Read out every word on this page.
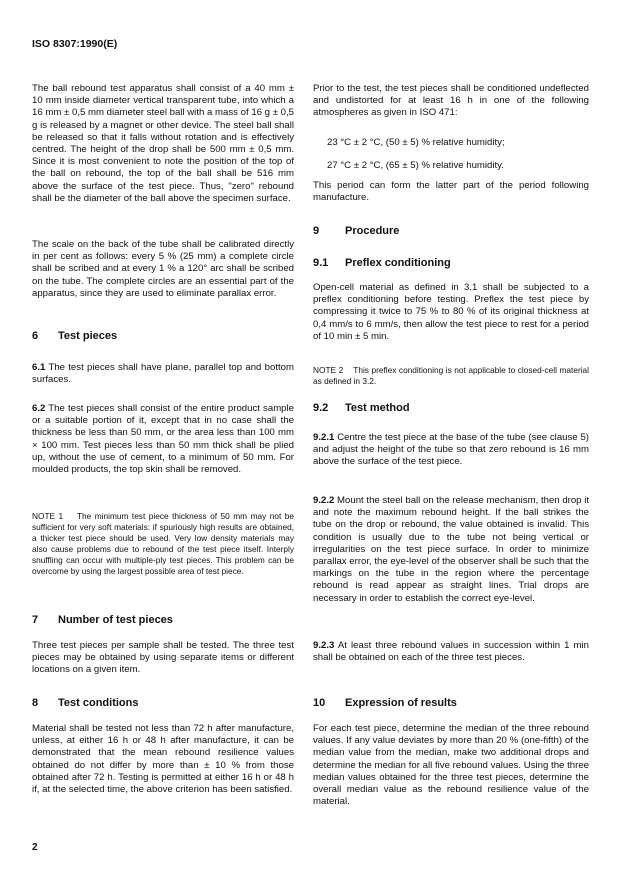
ISO 8307:1990(E)
The ball rebound test apparatus shall consist of a 40 mm ± 10 mm inside diameter vertical transparent tube, into which a 16 mm ± 0,5 mm diameter steel ball with a mass of 16 g ± 0,5 g is released by a magnet or other device. The steel ball shall be released so that it falls without rotation and is effectively centred. The height of the drop shall be 500 mm ± 0,5 mm. Since it is most convenient to note the position of the top of the ball on rebound, the top of the ball shall be 516 mm above the surface of the test piece. Thus, "zero" rebound shall be the diameter of the ball above the specimen surface.
The scale on the back of the tube shall be calibrated directly in per cent as follows: every 5 % (25 mm) a complete circle shall be scribed and at every 1 % a 120° arc shall be scribed on the tube. The complete circles are an essential part of the apparatus, since they are used to eliminate parallax error.
6 Test pieces
6.1 The test pieces shall have plane, parallel top and bottom surfaces.
6.2 The test pieces shall consist of the entire product sample or a suitable portion of it, except that in no case shall the thickness be less than 50 mm, or the area less than 100 mm × 100 mm. Test pieces less than 50 mm thick shall be plied up, without the use of cement, to a minimum of 50 mm. For moulded products, the top skin shall be removed.
NOTE 1 The minimum test piece thickness of 50 mm may not be sufficient for very soft materials: if spuriously high results are obtained, a thicker test piece should be used. Very low density materials may also cause problems due to rebound of the test piece itself. Interply snuffling can occur with multiple-ply test pieces. This problem can be overcome by using the largest possible area of test piece.
7 Number of test pieces
Three test pieces per sample shall be tested. The three test pieces may be obtained by using separate items or different locations on a given item.
8 Test conditions
Material shall be tested not less than 72 h after manufacture, unless, at either 16 h or 48 h after manufacture, it can be demonstrated that the mean rebound resilience values obtained do not differ by more than ± 10 % from those obtained after 72 h. Testing is permitted at either 16 h or 48 h if, at the selected time, the above criterion has been satisfied.
2
Prior to the test, the test pieces shall be conditioned undeflected and undistorted for at least 16 h in one of the following atmospheres as given in ISO 471:
23 °C ± 2 °C, (50 ± 5) % relative humidity;
27 °C ± 2 °C, (65 ± 5) % relative humidity.
This period can form the latter part of the period following manufacture.
9 Procedure
9.1 Preflex conditioning
Open-cell material as defined in 3.1 shall be subjected to a preflex conditioning before testing. Preflex the test piece by compressing it twice to 75 % to 80 % of its original thickness at 0,4 mm/s to 6 mm/s, then allow the test piece to rest for a period of 10 min ± 5 min.
NOTE 2 This preflex conditioning is not applicable to closed-cell material as defined in 3.2.
9.2 Test method
9.2.1 Centre the test piece at the base of the tube (see clause 5) and adjust the height of the tube so that zero rebound is 16 mm above the surface of the test piece.
9.2.2 Mount the steel ball on the release mechanism, then drop it and note the maximum rebound height. If the ball strikes the tube on the drop or rebound, the value obtained is invalid. This condition is usually due to the tube not being vertical or irregularities on the test piece surface. In order to minimize parallax error, the eye-level of the observer shall be such that the markings on the tube in the region where the percentage rebound is read appear as straight lines. Trial drops are necessary in order to establish the correct eye-level.
9.2.3 At least three rebound values in succession within 1 min shall be obtained on each of the three test pieces.
10 Expression of results
For each test piece, determine the median of the three rebound values. If any value deviates by more than 20 % (one-fifth) of the median value from the median, make two additional drops and determine the median for all five rebound values. Using the three median values obtained for the three test pieces, determine the overall median value as the rebound resilience value of the material.
